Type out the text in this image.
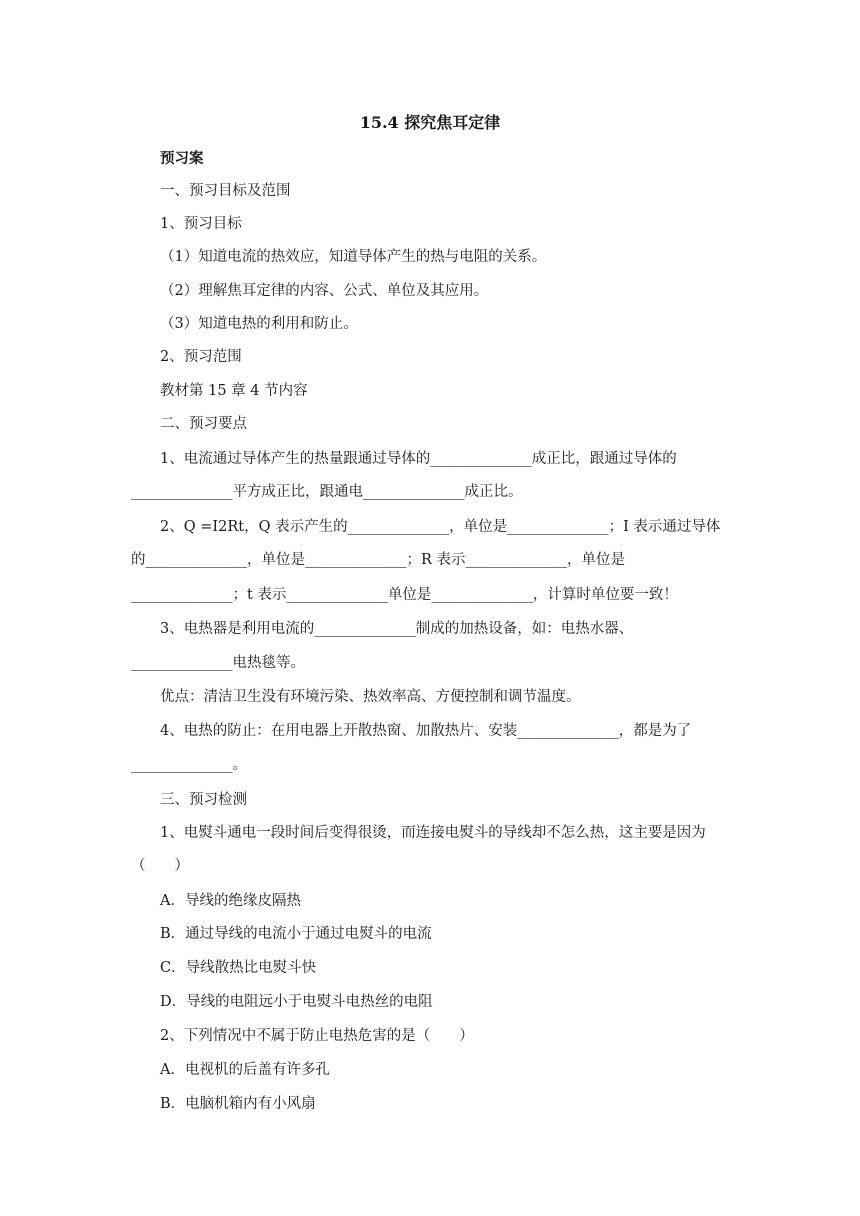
15.4 探究焦耳定律
预习案
一、预习目标及范围
1、预习目标
（1）知道电流的热效应，知道导体产生的热与电阻的关系。
（2）理解焦耳定律的内容、公式、单位及其应用。
（3）知道电热的利用和防止。
2、预习范围
教材第 15 章 4 节内容
二、预习要点
1、电流通过导体产生的热量跟通过导体的______________成正比，跟通过导体的
______________平方成正比，跟通电______________成正比。
2、Q =I2Rt，Q 表示产生的______________，单位是______________；I 表示通过导体
的______________，单位是______________；R 表示______________，单位是
______________；t 表示______________单位是______________，计算时单位要一致！
3、电热器是利用电流的______________制成的加热设备，如：电热水器、
______________电热毯等。
优点：清洁卫生没有环境污染、热效率高、方便控制和调节温度。
4、电热的防止：在用电器上开散热窗、加散热片、安装______________，都是为了
______________。
三、预习检测
1、电熨斗通电一段时间后变得很烫，而连接电熨斗的导线却不怎么热，这主要是因为
（　　）
A．导线的绝缘皮隔热
B．通过导线的电流小于通过电熨斗的电流
C．导线散热比电熨斗快
D．导线的电阻远小于电熨斗电热丝的电阻
2、下列情况中不属于防止电热危害的是（　　）
A．电视机的后盖有许多孔
B．电脑机箱内有小风扇
